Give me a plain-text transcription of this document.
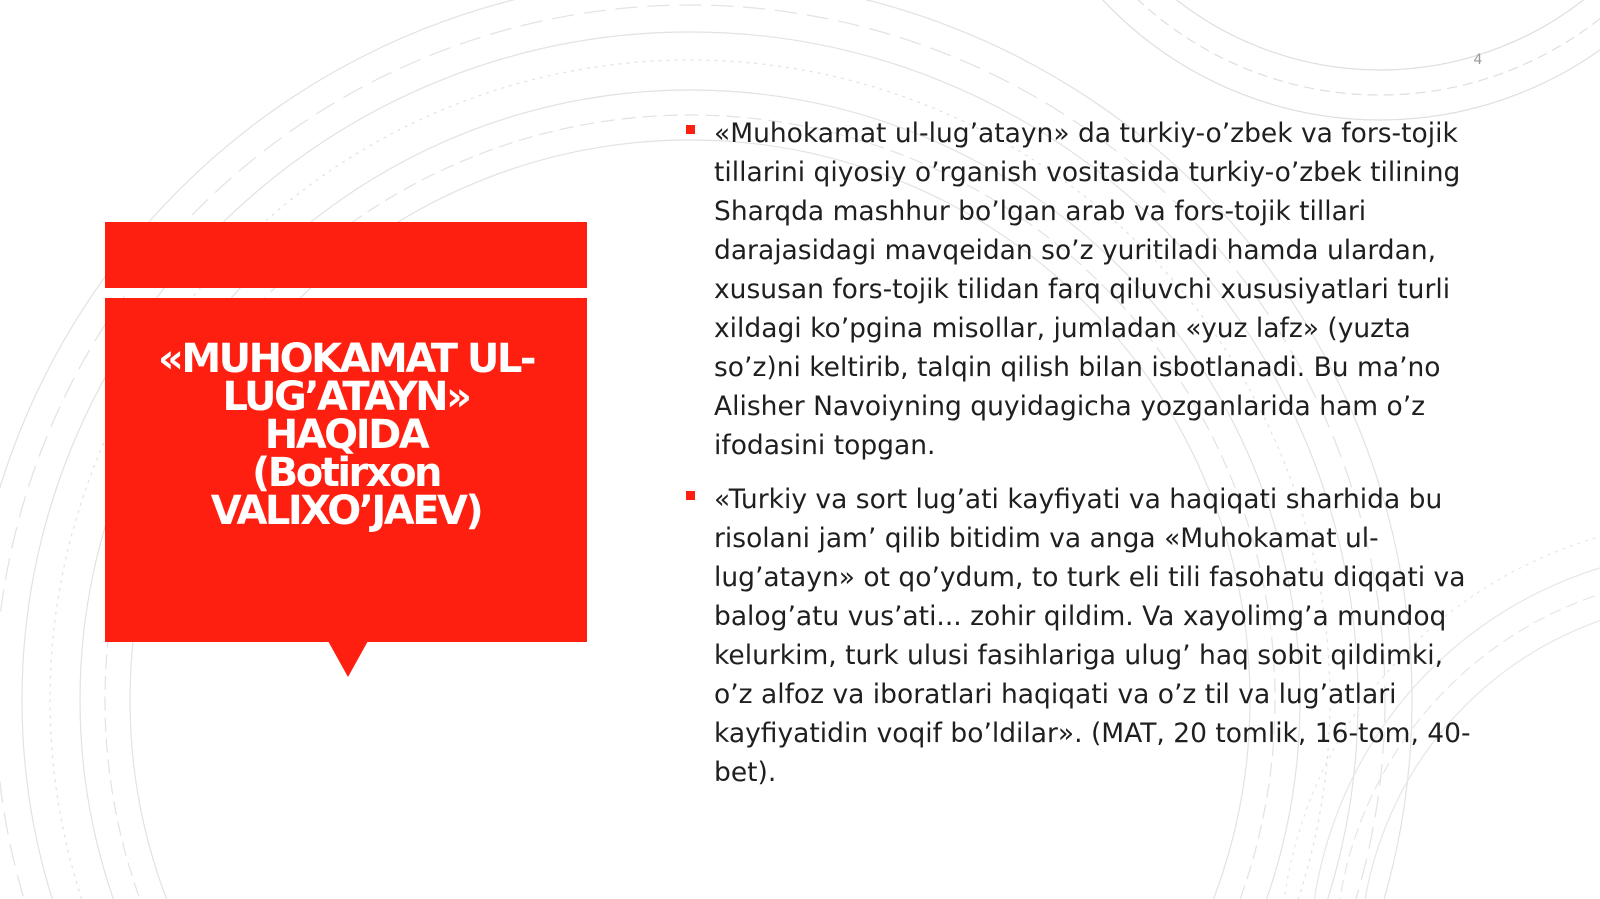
4
«MUHOKAMAT UL-
LUG’ATAYN»
HAQIDA
(Botirxon
VALIXO’JAEV)
«Muhokamat ul-lug’atayn» da turkiy-o’zbek va fors-tojik tillarini qiyosiy o’rganish vositasida turkiy-o’zbek tilining Sharqda mashhur bo’lgan arab va fors-tojik tillari darajasidagi mavqeidan so’z yuritiladi hamda ulardan, xususan fors-tojik tilidan farq qiluvchi xususiyatlari turli xildagi ko’pgina misollar, jumladan «yuz lafz» (yuzta so’z)ni keltirib, talqin qilish bilan isbotlanadi. Bu ma’no Alisher Navoiyning quyidagicha yozganlarida ham o’z ifodasini topgan.
«Turkiy va sort lug’ati kayfiyati va haqiqati sharhida bu risolani jam’ qilib bitidim va anga «Muhokamat ul-lug’atayn» ot qo’ydum, to turk eli tili fasohatu diqqati va balog’atu vus’ati... zohir qildim. Va xayolimg’a mundoq kelurkim, turk ulusi fasihlariga ulug’ haq sobit qildimki, o’z alfoz va iboratlari haqiqati va o’z til va lug’atlari kayfiyatidin voqif bo’ldilar». (MAT, 20 tomlik, 16-tom, 40-bet).
